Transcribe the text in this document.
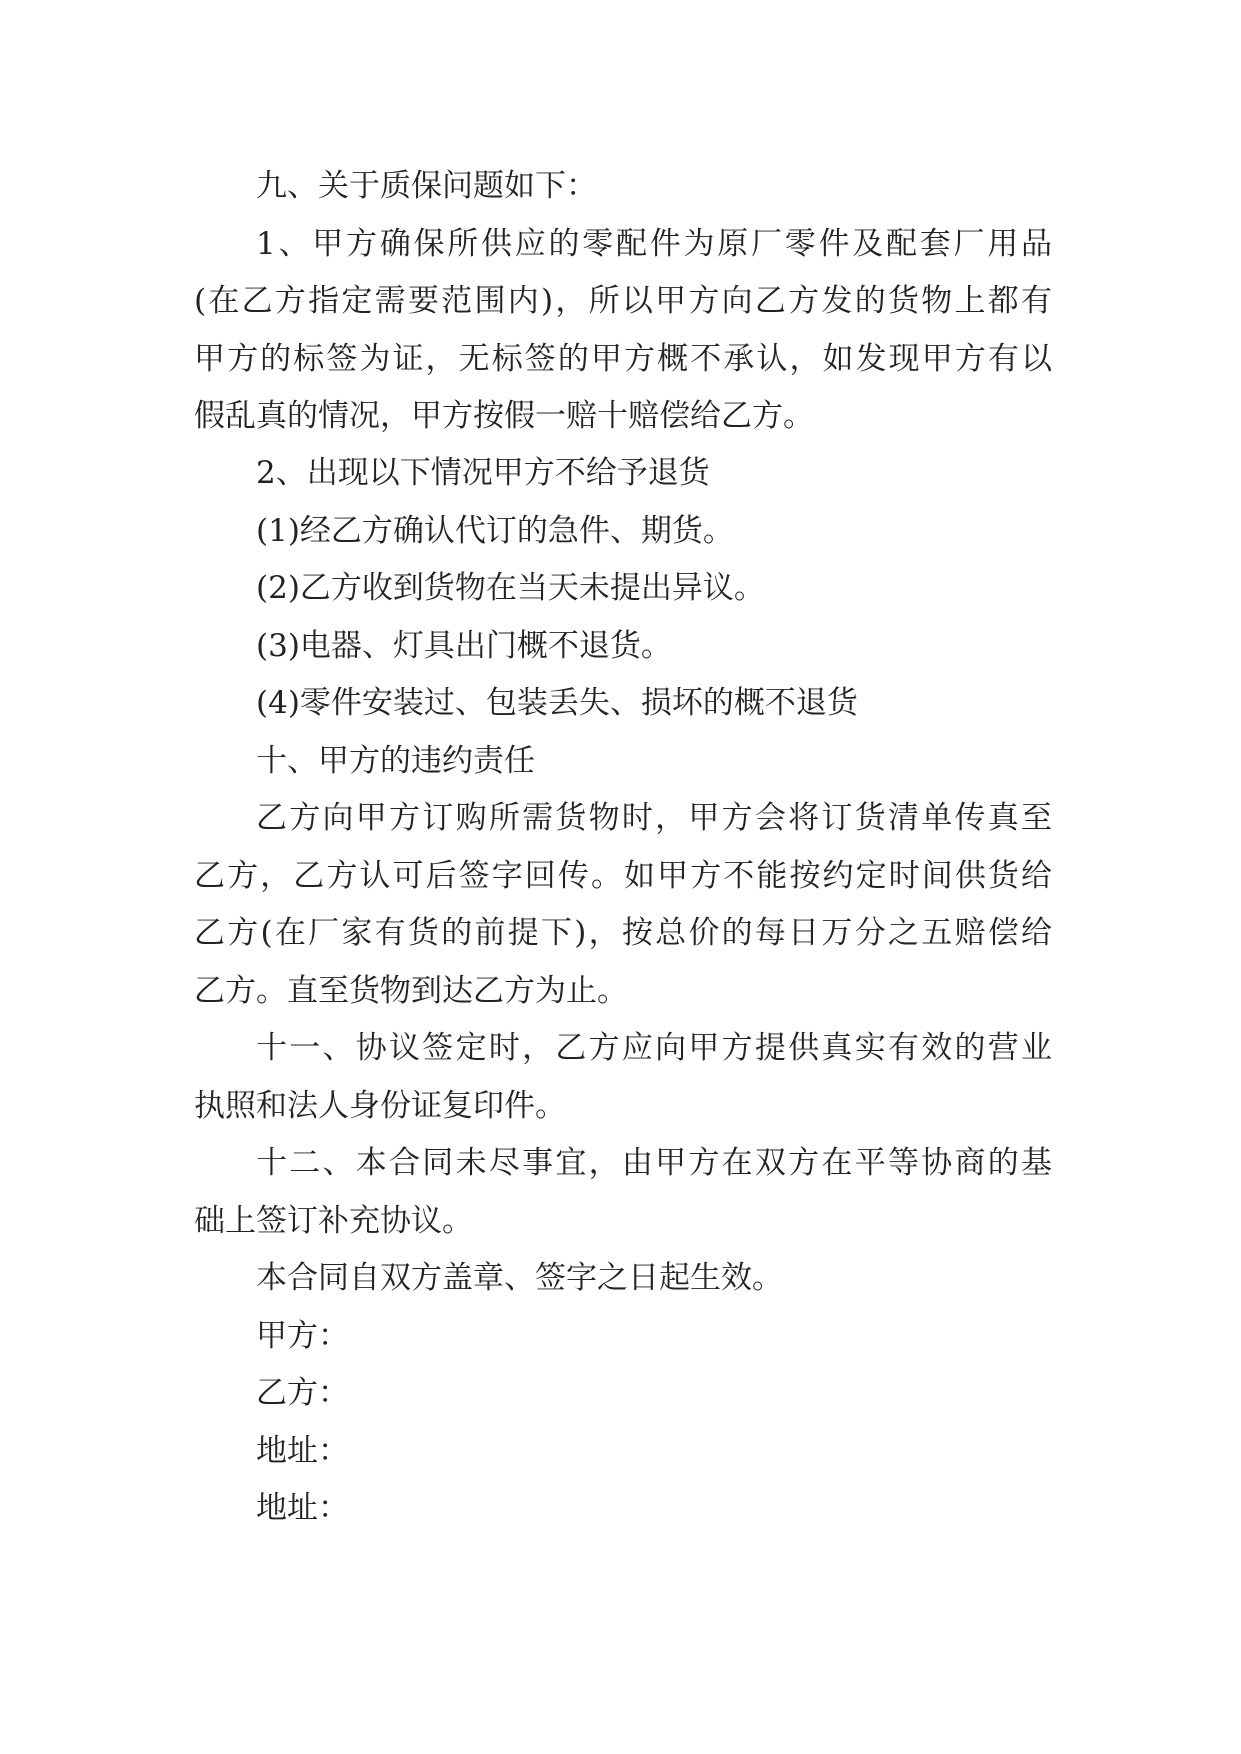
九、关于质保问题如下：
1、甲方确保所供应的零配件为原厂零件及配套厂用品
(在乙方指定需要范围内)，所以甲方向乙方发的货物上都有
甲方的标签为证，无标签的甲方概不承认，如发现甲方有以
假乱真的情况，甲方按假一赔十赔偿给乙方。
2、出现以下情况甲方不给予退货
(1)经乙方确认代订的急件、期货。
(2)乙方收到货物在当天未提出异议。
(3)电器、灯具出门概不退货。
(4)零件安装过、包装丢失、损坏的概不退货
十、甲方的违约责任
乙方向甲方订购所需货物时，甲方会将订货清单传真至
乙方，乙方认可后签字回传。如甲方不能按约定时间供货给
乙方(在厂家有货的前提下)，按总价的每日万分之五赔偿给
乙方。直至货物到达乙方为止。
十一、协议签定时，乙方应向甲方提供真实有效的营业
执照和法人身份证复印件。
十二、本合同未尽事宜，由甲方在双方在平等协商的基
础上签订补充协议。
本合同自双方盖章、签字之日起生效。
甲方：
乙方：
地址：
地址：
